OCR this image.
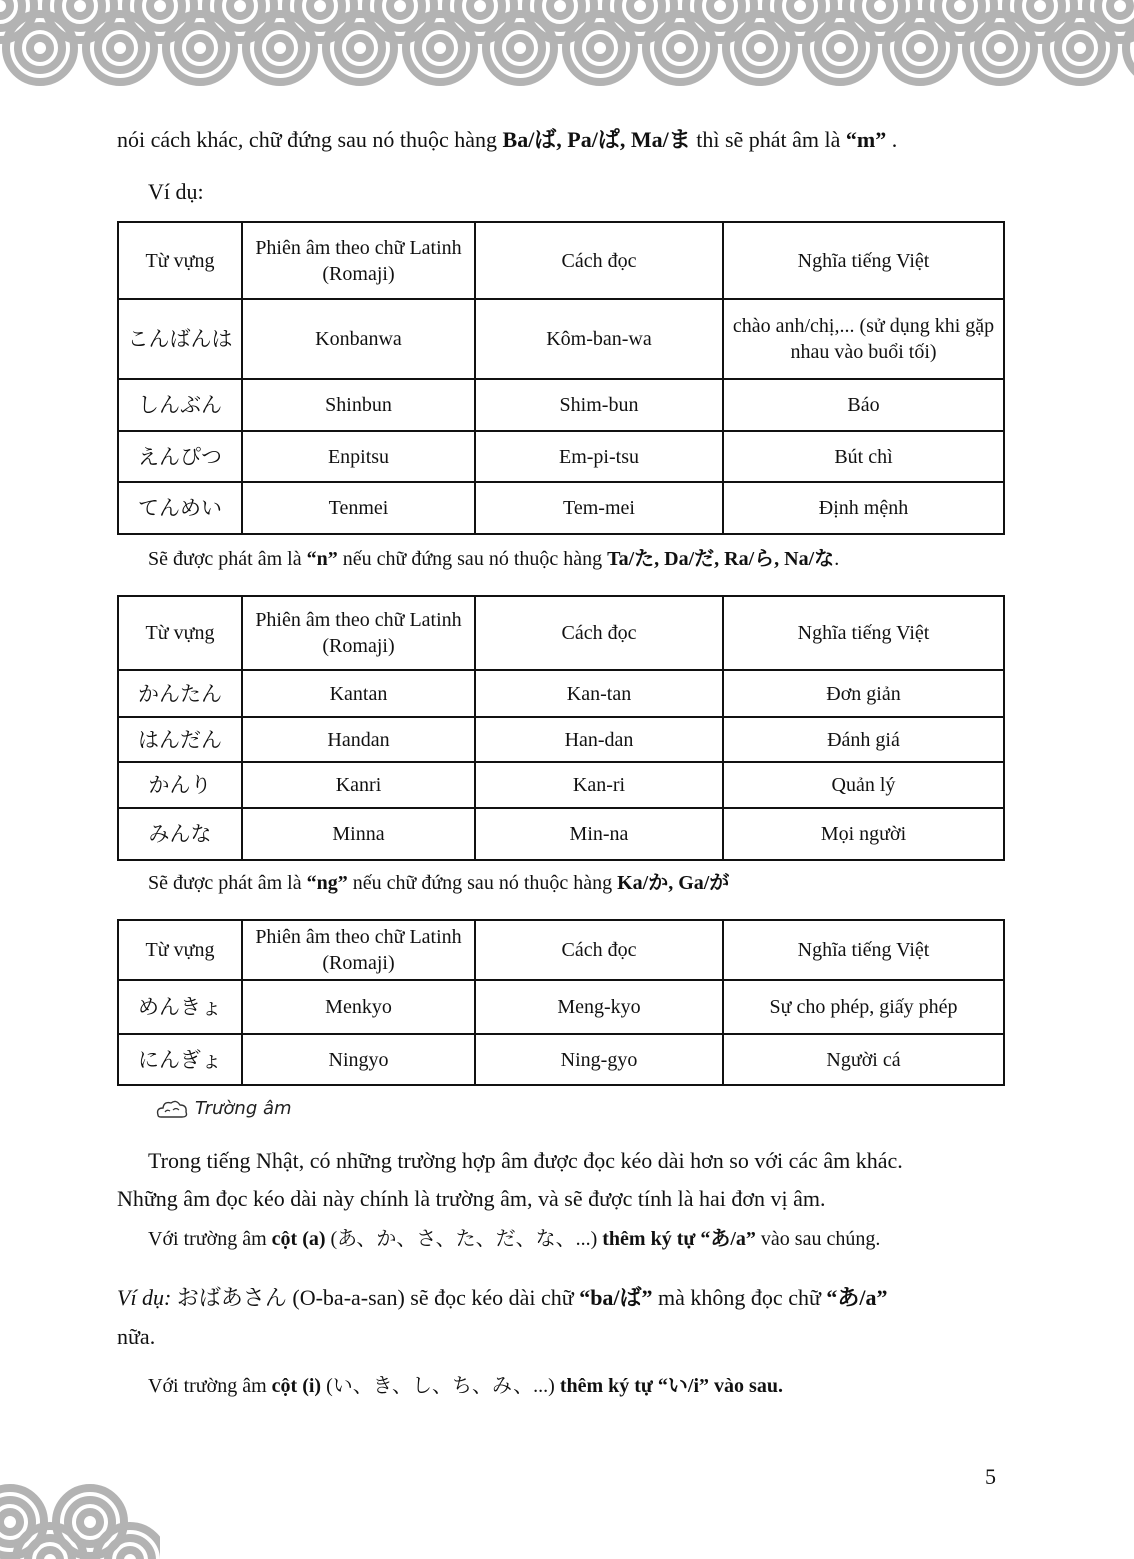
nói cách khác, chữ đứng sau nó thuộc hàng Ba/ば, Pa/ぱ, Ma/ま thì sẽ phát âm là “m” .

Ví dụ:

Từ vựng	Phiên âm theo chữ Latinh (Romaji)	Cách đọc	Nghĩa tiếng Việt
こんばんは	Konbanwa	Kôm-ban-wa	chào anh/chị,... (sử dụng khi gặp nhau vào buổi tối)
しんぶん	Shinbun	Shim-bun	Báo
えんぴつ	Enpitsu	Em-pi-tsu	Bút chì
てんめい	Tenmei	Tem-mei	Định mệnh

Sẽ được phát âm là “n” nếu chữ đứng sau nó thuộc hàng Ta/た, Da/だ, Ra/ら, Na/な.

Từ vựng	Phiên âm theo chữ Latinh (Romaji)	Cách đọc	Nghĩa tiếng Việt
かんたん	Kantan	Kan-tan	Đơn giản
はんだん	Handan	Han-dan	Đánh giá
かんり	Kanri	Kan-ri	Quản lý
みんな	Minna	Min-na	Mọi người

Sẽ được phát âm là “ng” nếu chữ đứng sau nó thuộc hàng Ka/か, Ga/が

Từ vựng	Phiên âm theo chữ Latinh (Romaji)	Cách đọc	Nghĩa tiếng Việt
めんきょ	Menkyo	Meng-kyo	Sự cho phép, giấy phép
にんぎょ	Ningyo	Ning-gyo	Người cá
Trường âm

Trong tiếng Nhật, có những trường hợp âm được đọc kéo dài hơn so với các âm khác.

Những âm đọc kéo dài này chính là trường âm, và sẽ được tính là hai đơn vị âm.

Với trường âm cột (a) (あ、か、さ、た、だ、な、...) thêm ký tự “あ/a” vào sau chúng.

Ví dụ: おばあさん (O-ba-a-san) sẽ đọc kéo dài chữ “ba/ば” mà không đọc chữ “あ/a”

nữa.

Với trường âm cột (i) (い、き、し、ち、み、...) thêm ký tự “い/i” vào sau.

5
